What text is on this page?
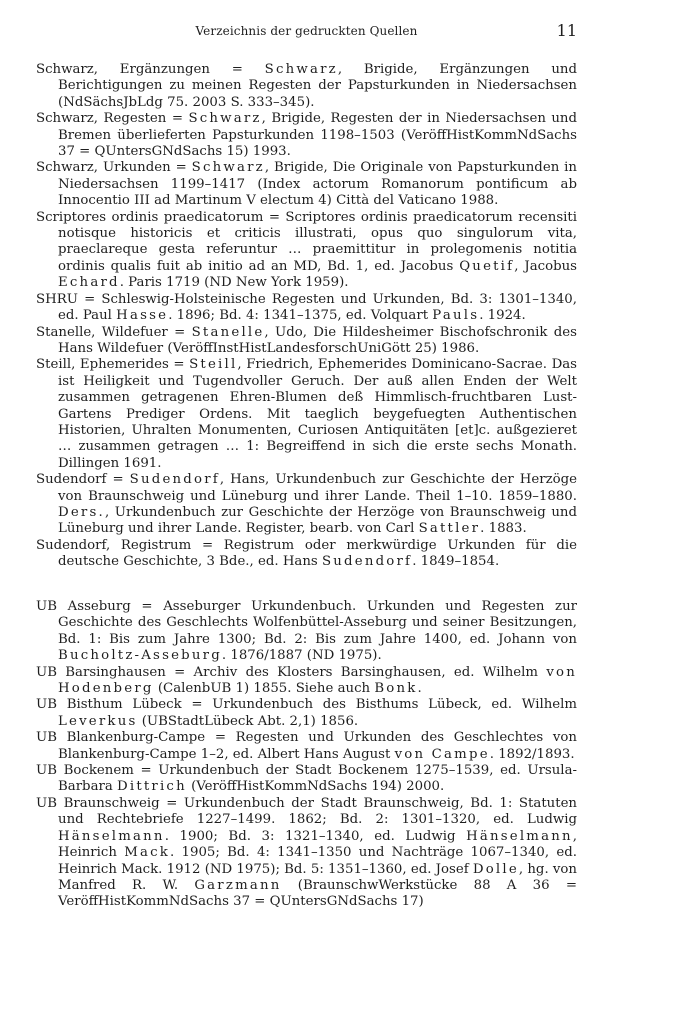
Verzeichnis der gedruckten Quellen	11

Schwarz, Ergänzungen = Schwarz, Brigide, Ergänzungen und Berichtigungen zu meinen Regesten der Papsturkunden in Niedersachsen (NdSächsJbLdg 75. 2003 S. 333–345).

Schwarz, Regesten = Schwarz, Brigide, Regesten der in Niedersachsen und Bremen überlieferten Papsturkunden 1198–1503 (VeröffHistKommNdSachs 37 = QUntersGNdSachs 15) 1993.

Schwarz, Urkunden = Schwarz, Brigide, Die Originale von Papsturkunden in Niedersachsen 1199–1417 (Index actorum Romanorum pontificum ab Innocentio III ad Martinum V electum 4) Città del Vaticano 1988.

Scriptores ordinis praedicatorum = Scriptores ordinis praedicatorum recensiti notisque historicis et criticis illustrati, opus quo singulorum vita, praeclareque gesta referuntur … praemittitur in prolegomenis notitia ordinis qualis fuit ab initio ad an MD, Bd. 1, ed. Jacobus Quetif, Jacobus Echard. Paris 1719 (ND New York 1959).

SHRU = Schleswig-Holsteinische Regesten und Urkunden, Bd. 3: 1301–1340, ed. Paul Hasse. 1896; Bd. 4: 1341–1375, ed. Volquart Pauls. 1924.

Stanelle, Wildefuer = Stanelle, Udo, Die Hildesheimer Bischofschronik des Hans Wildefuer (VeröffInstHistLandesforschUniGött 25) 1986.

Steill, Ephemerides = Steill, Friedrich, Ephemerides Dominicano-Sacrae. Das ist Heiligkeit und Tugendvoller Geruch. Der auß allen Enden der Welt zusammen getragenen Ehren-Blumen deß Himmlisch-fruchtbaren Lust-Gartens Prediger Ordens. Mit taeglich beygefuegten Authentischen Historien, Uhralten Monumenten, Curiosen Antiquitäten [et]c. außgezieret … zusammen getragen … 1: Begreiffend in sich die erste sechs Monath. Dillingen 1691.

Sudendorf = Sudendorf, Hans, Urkundenbuch zur Geschichte der Herzöge von Braunschweig und Lüneburg und ihrer Lande. Theil 1–10. 1859–1880. Ders., Urkundenbuch zur Geschichte der Herzöge von Braunschweig und Lüneburg und ihrer Lande. Register, bearb. von Carl Sattler. 1883.

Sudendorf, Registrum = Registrum oder merkwürdige Urkunden für die deutsche Geschichte, 3 Bde., ed. Hans Sudendorf. 1849–1854.

UB Asseburg = Asseburger Urkundenbuch. Urkunden und Regesten zur Geschichte des Geschlechts Wolfenbüttel-Asseburg und seiner Besitzungen, Bd. 1: Bis zum Jahre 1300; Bd. 2: Bis zum Jahre 1400, ed. Johann von Bucholtz-Asseburg. 1876/1887 (ND 1975).

UB Barsinghausen = Archiv des Klosters Barsinghausen, ed. Wilhelm von Hodenberg (CalenbUB 1) 1855. Siehe auch Bonk.

UB Bisthum Lübeck = Urkundenbuch des Bisthums Lübeck, ed. Wilhelm Leverkus (UBStadtLübeck Abt. 2,1) 1856.

UB Blankenburg-Campe = Regesten und Urkunden des Geschlechtes von Blankenburg-Campe 1–2, ed. Albert Hans August von Campe. 1892/1893.

UB Bockenem = Urkundenbuch der Stadt Bockenem 1275–1539, ed. Ursula-Barbara Dittrich (VeröffHistKommNdSachs 194) 2000.

UB Braunschweig = Urkundenbuch der Stadt Braunschweig, Bd. 1: Statuten und Rechtebriefe 1227–1499. 1862; Bd. 2: 1301–1320, ed. Ludwig Hänselmann. 1900; Bd. 3: 1321–1340, ed. Ludwig Hänselmann, Heinrich Mack. 1905; Bd. 4: 1341–1350 und Nachträge 1067–1340, ed. Heinrich Mack. 1912 (ND 1975); Bd. 5: 1351–1360, ed. Josef Dolle, hg. von Manfred R. W. Garzmann (BraunschwWerkstücke 88 A 36 = VeröffHistKommNdSachs 37 = QUntersGNdSachs 17)
